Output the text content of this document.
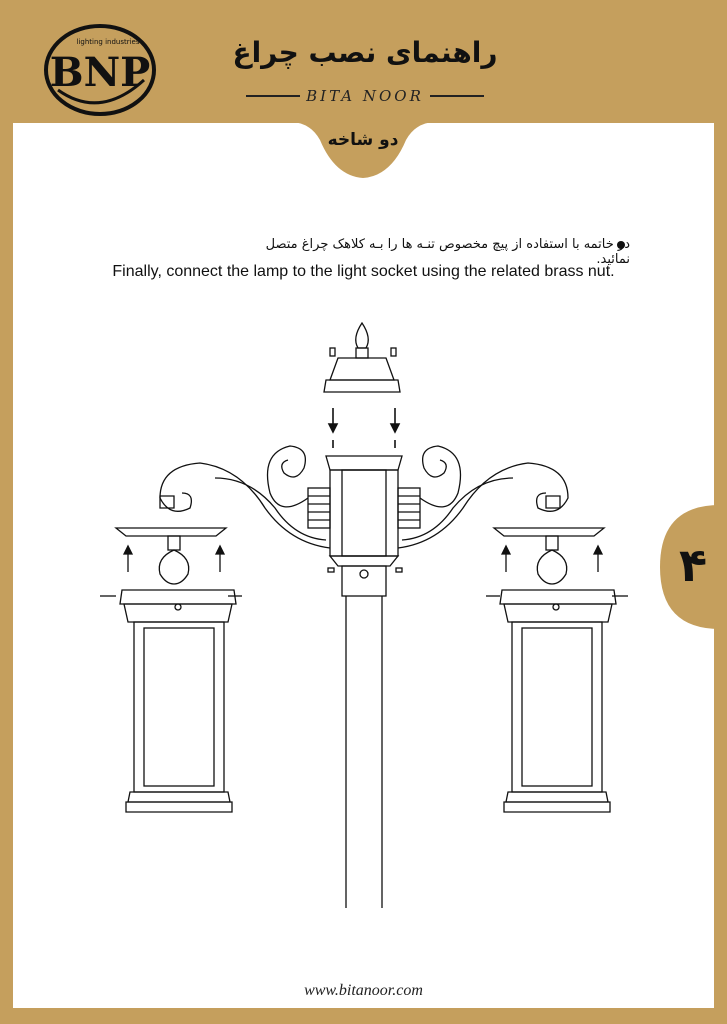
BNP
lighting industries	راهنمای نصب چراغ
BITA NOOR
دو شاخه
۴
در خاتمه با استفاده از پیچ مخصوص تنـه ها را بـه کلاهک چراغ متصل نمائید.
Finally, connect the lamp to the light socket using the related brass nut.
www.bitanoor.com
